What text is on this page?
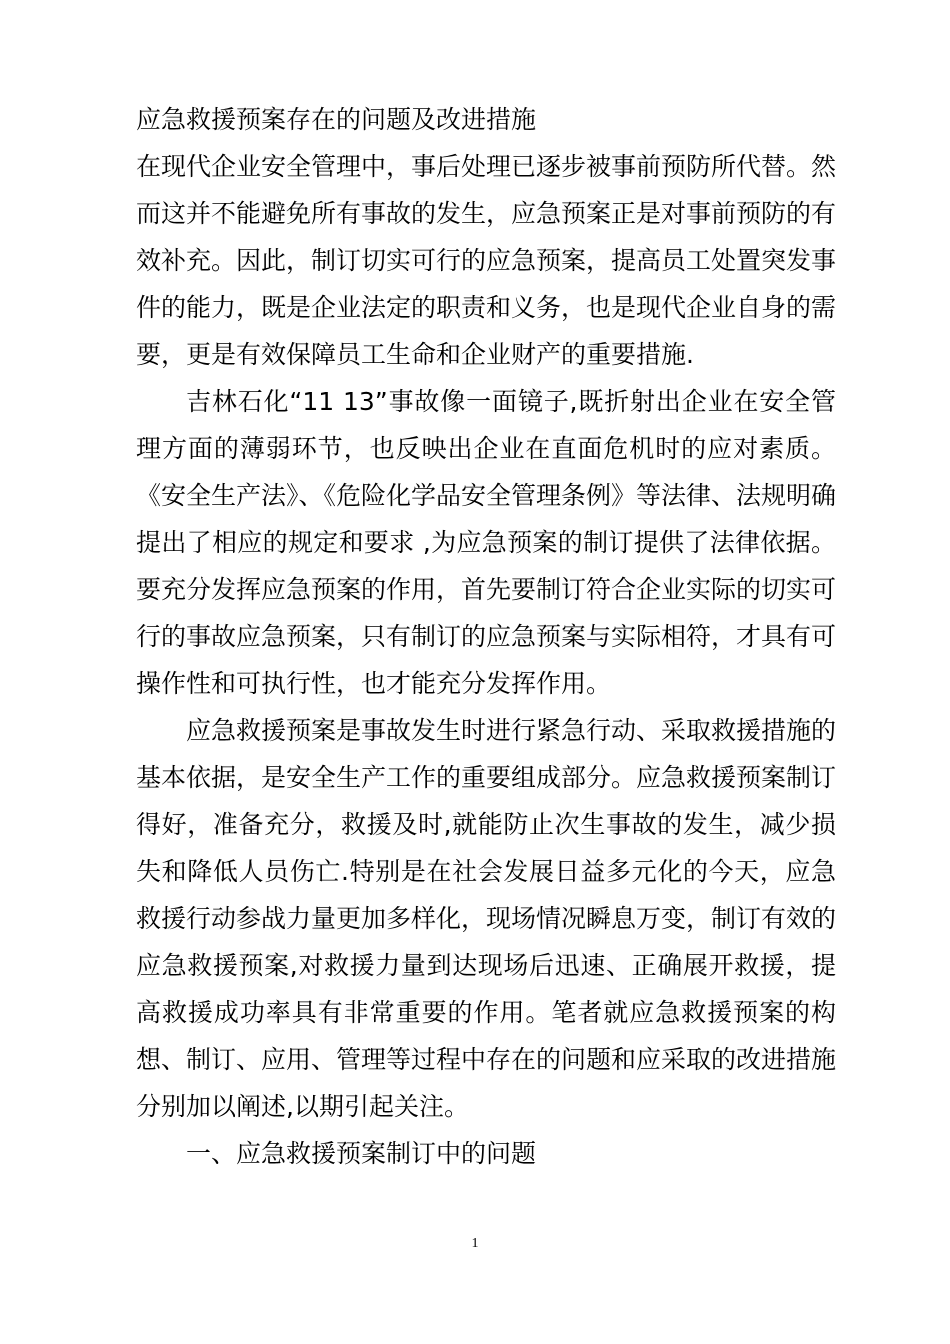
应急救援预案存在的问题及改进措施

在现代企业安全管理中，事后处理已逐步被事前预防所代替。然而这并不能避免所有事故的发生，应急预案正是对事前预防的有效补充。因此，制订切实可行的应急预案，提高员工处置突发事件的能力，既是企业法定的职责和义务，也是现代企业自身的需要，更是有效保障员工生命和企业财产的重要措施.

吉林石化“11 13”事故像一面镜子,既折射出企业在安全管理方面的薄弱环节，也反映出企业在直面危机时的应对素质。《安全生产法》、《危险化学品安全管理条例》等法律、法规明确提出了相应的规定和要求 ,为应急预案的制订提供了法律依据。要充分发挥应急预案的作用，首先要制订符合企业实际的切实可行的事故应急预案，只有制订的应急预案与实际相符，才具有可操作性和可执行性，也才能充分发挥作用。

应急救援预案是事故发生时进行紧急行动、采取救援措施的基本依据，是安全生产工作的重要组成部分。应急救援预案制订得好，准备充分，救援及时,就能防止次生事故的发生，减少损失和降低人员伤亡.特别是在社会发展日益多元化的今天，应急救援行动参战力量更加多样化，现场情况瞬息万变，制订有效的应急救援预案,对救援力量到达现场后迅速、正确展开救援，提高救援成功率具有非常重要的作用。笔者就应急救援预案的构想、制订、应用、管理等过程中存在的问题和应采取的改进措施分别加以阐述,以期引起关注。

一、应急救援预案制订中的问题

1
